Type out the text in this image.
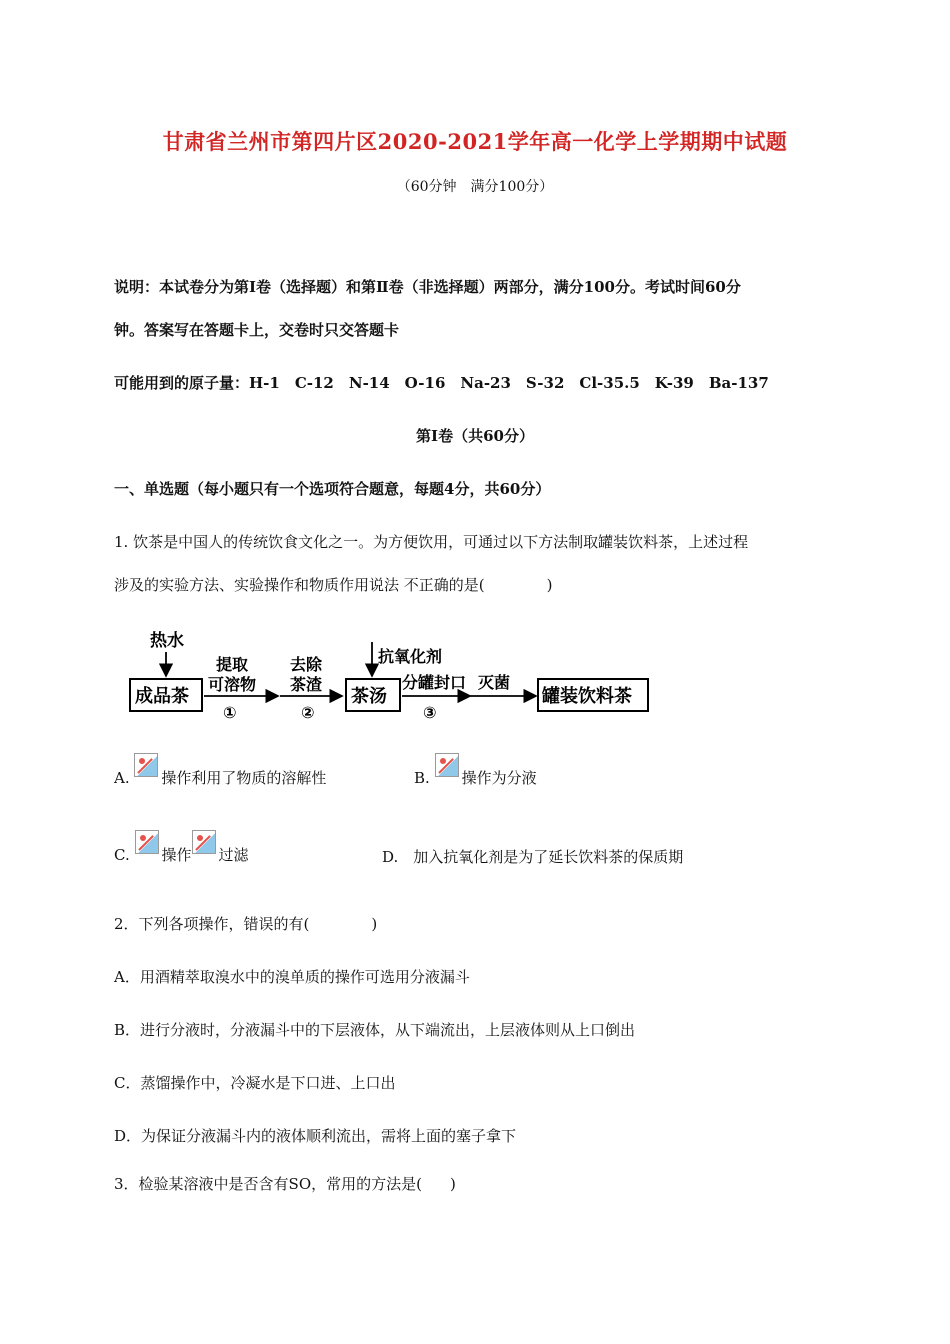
甘肃省兰州市第四片区2020-2021学年高一化学上学期期中试题
（60分钟　满分100分）
说明：本试卷分为第Ⅰ卷（选择题）和第Ⅱ卷（非选择题）两部分，满分100分。考试时间60分
钟。答案写在答题卡上，交卷时只交答题卡
可能用到的原子量：H-1　C-12　N-14　O-16　Na-23　S-32　Cl-35.5　K-39　Ba-137
第Ⅰ卷（共60分）
一、单选题（每小题只有一个选项符合题意，每题4分，共60分）
1. 饮茶是中国人的传统饮食文化之一。为方便饮用，可通过以下方法制取罐装饮料茶，上述过程
涉及的实验方法、实验操作和物质作用说法 不正确的是(	)
热水
成品茶
提取
可溶物
①
去除
茶渣
②
抗氧化剂
茶汤
分罐封口
③
灭菌
罐装饮料茶
A. 操作利用了物质的溶解性	B. 操作为分液
C. 操作 过滤	D.　加入抗氧化剂是为了延长饮料茶的保质期
2．下列各项操作，错误的有(	)
A．用酒精萃取溴水中的溴单质的操作可选用分液漏斗
B．进行分液时，分液漏斗中的下层液体，从下端流出，上层液体则从上口倒出
C．蒸馏操作中，冷凝水是下口进、上口出
D．为保证分液漏斗内的液体顺利流出，需将上面的塞子拿下
3．检验某溶液中是否含有SO，常用的方法是( )
